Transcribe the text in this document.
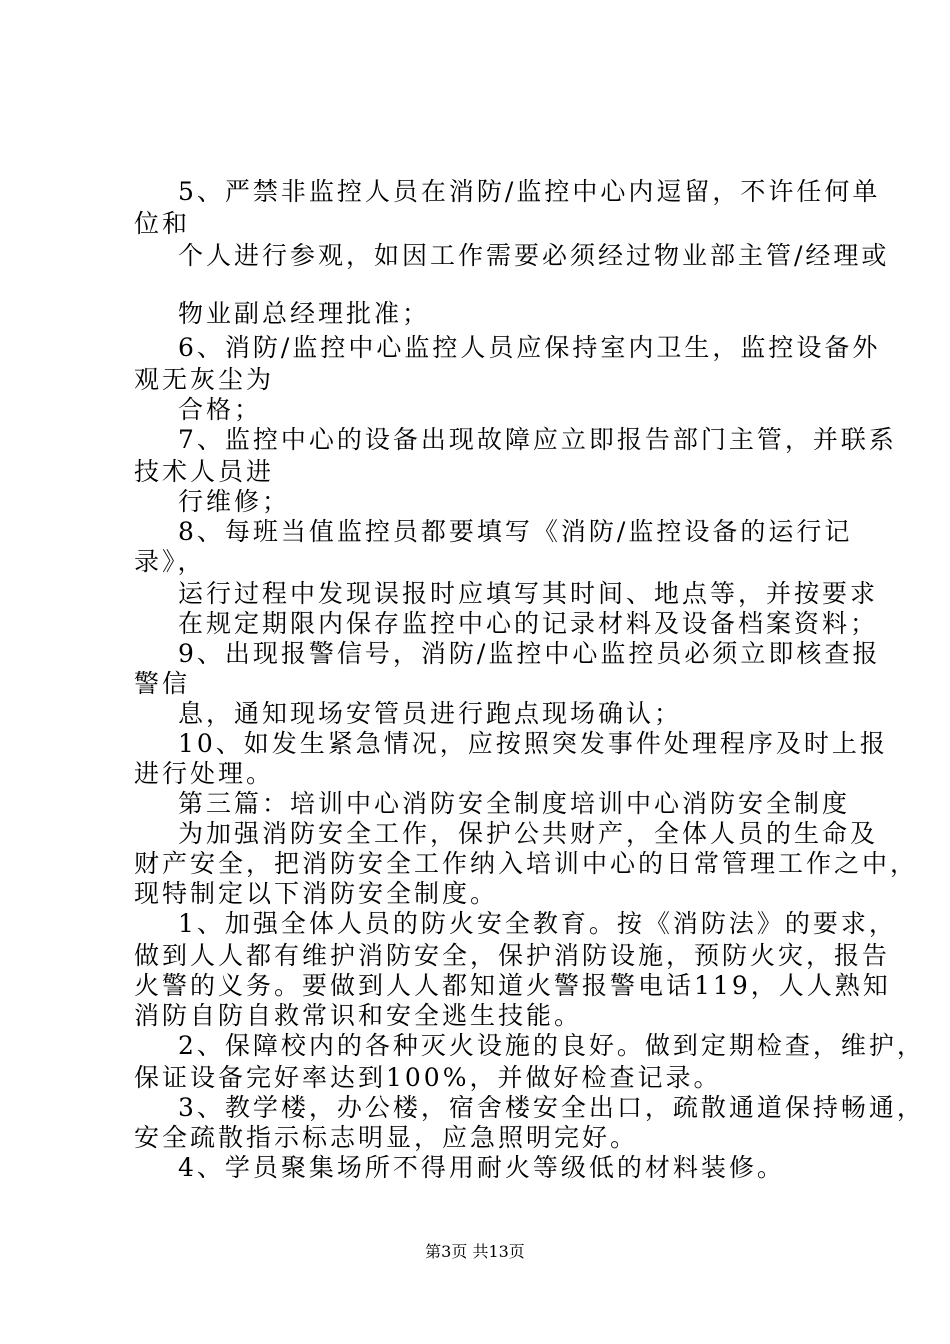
5、严禁非监控人员在消防/监控中心内逗留，不许任何单
位和
个人进行参观，如因工作需要必须经过物业部主管/经理或
物业副总经理批准；
6、消防/监控中心监控人员应保持室内卫生，监控设备外
观无灰尘为
合格；
7、监控中心的设备出现故障应立即报告部门主管，并联系
技术人员进
行维修；
8、每班当值监控员都要填写《消防/监控设备的运行记
录》，
运行过程中发现误报时应填写其时间、地点等，并按要求
在规定期限内保存监控中心的记录材料及设备档案资料；
9、出现报警信号，消防/监控中心监控员必须立即核查报
警信
息，通知现场安管员进行跑点现场确认；
10、如发生紧急情况，应按照突发事件处理程序及时上报
进行处理。
第三篇：培训中心消防安全制度培训中心消防安全制度
为加强消防安全工作，保护公共财产，全体人员的生命及
财产安全，把消防安全工作纳入培训中心的日常管理工作之中，
现特制定以下消防安全制度。
1、加强全体人员的防火安全教育。按《消防法》的要求，
做到人人都有维护消防安全，保护消防设施，预防火灾，报告
火警的义务。要做到人人都知道火警报警电话119，人人熟知
消防自防自救常识和安全逃生技能。
2、保障校内的各种灭火设施的良好。做到定期检查，维护，
保证设备完好率达到100%，并做好检查记录。
3、教学楼，办公楼，宿舍楼安全出口，疏散通道保持畅通，
安全疏散指示标志明显，应急照明完好。
4、学员聚集场所不得用耐火等级低的材料装修。
第3页 共13页
